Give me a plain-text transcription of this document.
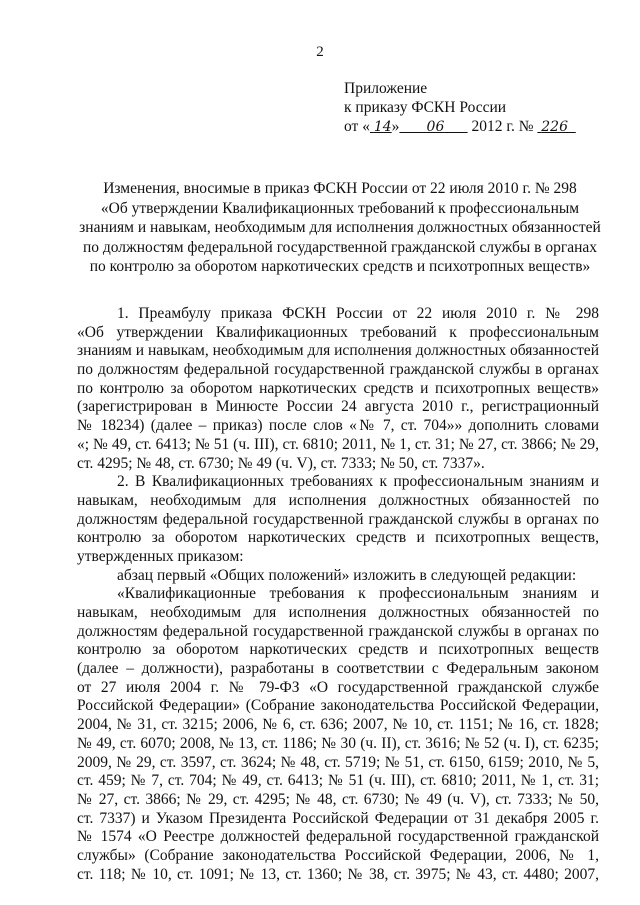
2
Приложение
к приказу ФСКН России
от « 14» 06 2012 г. № 226
Изменения, вносимые в приказ ФСКН России от 22 июля 2010 г. № 298
«Об утверждении Квалификационных требований к профессиональным
знаниям и навыкам, необходимым для исполнения должностных обязанностей
по должностям федеральной государственной гражданской службы в органах
по контролю за оборотом наркотических средств и психотропных веществ»
1. Преамбулу приказа ФСКН России от 22 июля 2010 г. № 298
«Об утверждении Квалификационных требований к профессиональным
знаниям и навыкам, необходимым для исполнения должностных обязанностей
по должностям федеральной государственной гражданской службы в органах
по контролю за оборотом наркотических средств и психотропных веществ»
(зарегистрирован в Минюсте России 24 августа 2010 г., регистрационный
№ 18234) (далее – приказ) после слов «№ 7, ст. 704»» дополнить словами
«; № 49, ст. 6413; № 51 (ч. III), ст. 6810; 2011, № 1, ст. 31; № 27, ст. 3866; № 29,
ст. 4295; № 48, ст. 6730; № 49 (ч. V), ст. 7333; № 50, ст. 7337».
2. В Квалификационных требованиях к профессиональным знаниям и
навыкам, необходимым для исполнения должностных обязанностей по
должностям федеральной государственной гражданской службы в органах по
контролю за оборотом наркотических средств и психотропных веществ,
утвержденных приказом:
абзац первый «Общих положений» изложить в следующей редакции:
«Квалификационные требования к профессиональным знаниям и
навыкам, необходимым для исполнения должностных обязанностей по
должностям федеральной государственной гражданской службы в органах по
контролю за оборотом наркотических средств и психотропных веществ
(далее – должности), разработаны в соответствии с Федеральным законом
от 27 июля 2004 г. № 79-ФЗ «О государственной гражданской службе
Российской Федерации» (Собрание законодательства Российской Федерации,
2004, № 31, ст. 3215; 2006, № 6, ст. 636; 2007, № 10, ст. 1151; № 16, ст. 1828;
№ 49, ст. 6070; 2008, № 13, ст. 1186; № 30 (ч. II), ст. 3616; № 52 (ч. I), ст. 6235;
2009, № 29, ст. 3597, ст. 3624; № 48, ст. 5719; № 51, ст. 6150, 6159; 2010, № 5,
ст. 459; № 7, ст. 704; № 49, ст. 6413; № 51 (ч. III), ст. 6810; 2011, № 1, ст. 31;
№ 27, ст. 3866; № 29, ст. 4295; № 48, ст. 6730; № 49 (ч. V), ст. 7333; № 50,
ст. 7337) и Указом Президента Российской Федерации от 31 декабря 2005 г.
№ 1574 «О Реестре должностей федеральной государственной гражданской
службы» (Собрание законодательства Российской Федерации, 2006, № 1,
ст. 118; № 10, ст. 1091; № 13, ст. 1360; № 38, ст. 3975; № 43, ст. 4480; 2007,
